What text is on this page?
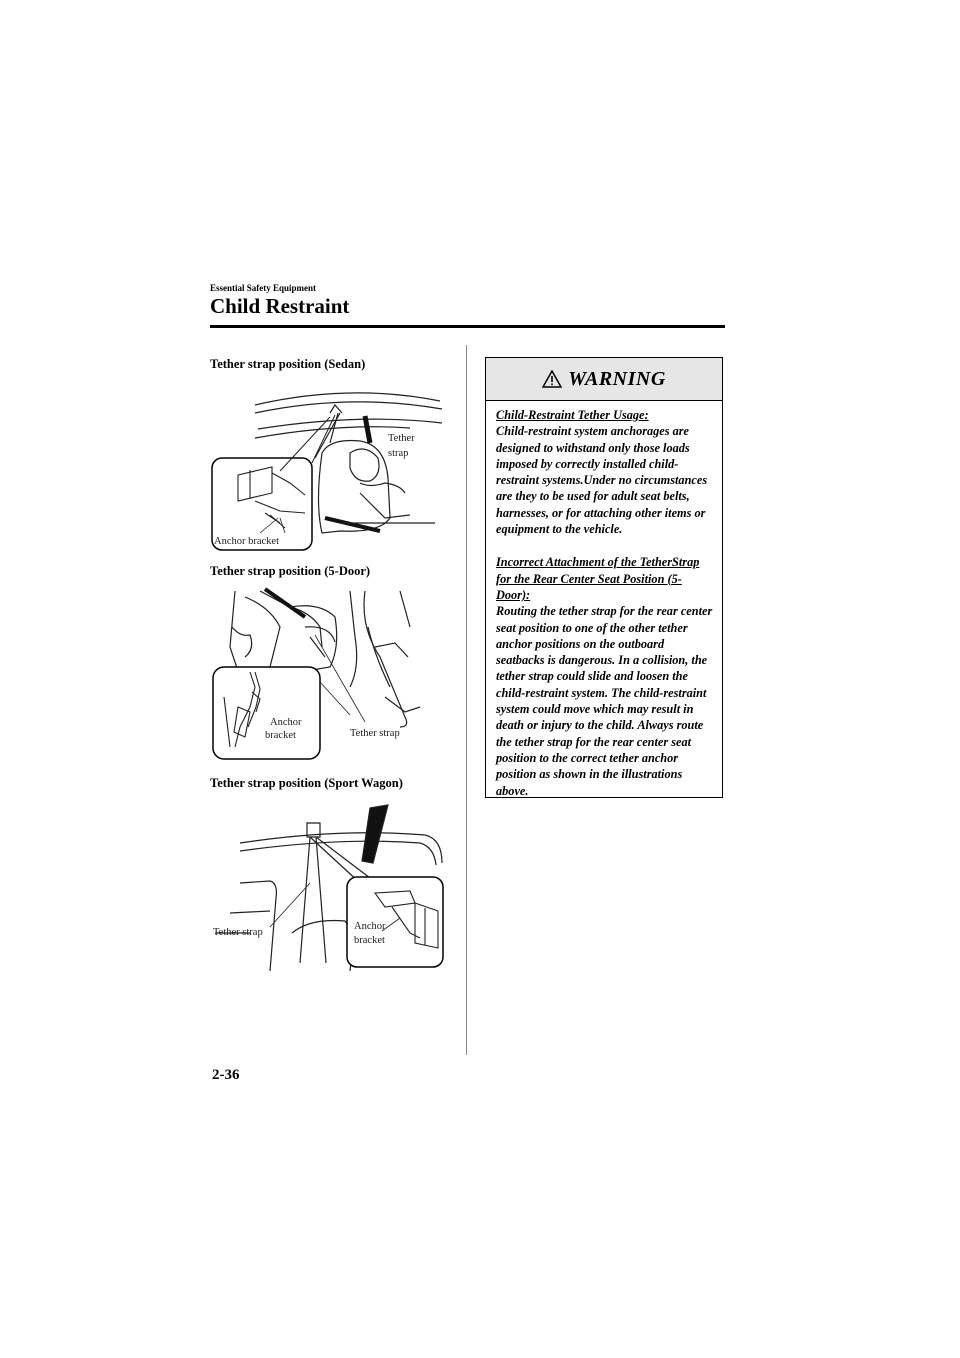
Essential Safety Equipment
Child Restraint
Tether strap position (Sedan)
Tether
strap
Anchor bracket
Tether strap position (5-Door)
Anchor
bracket	Tether strap
Tether strap position (Sport Wagon)
Tether strap
Anchor
bracket
WARNING

Child-Restraint Tether Usage:
Child-restraint system anchorages are designed to withstand only those loads imposed by correctly installed child-restraint systems.Under no circumstances are they to be used for adult seat belts, harnesses, or for attaching other items or equipment to the vehicle.

Incorrect Attachment of the TetherStrap for the Rear Center Seat Position (5-Door):
Routing the tether strap for the rear center seat position to one of the other tether anchor positions on the outboard seatbacks is dangerous. In a collision, the tether strap could slide and loosen the child-restraint system. The child-restraint system could move which may result in death or injury to the child. Always route the tether strap for the rear center seat position to the correct tether anchor position as shown in the illustrations above.

2-36
